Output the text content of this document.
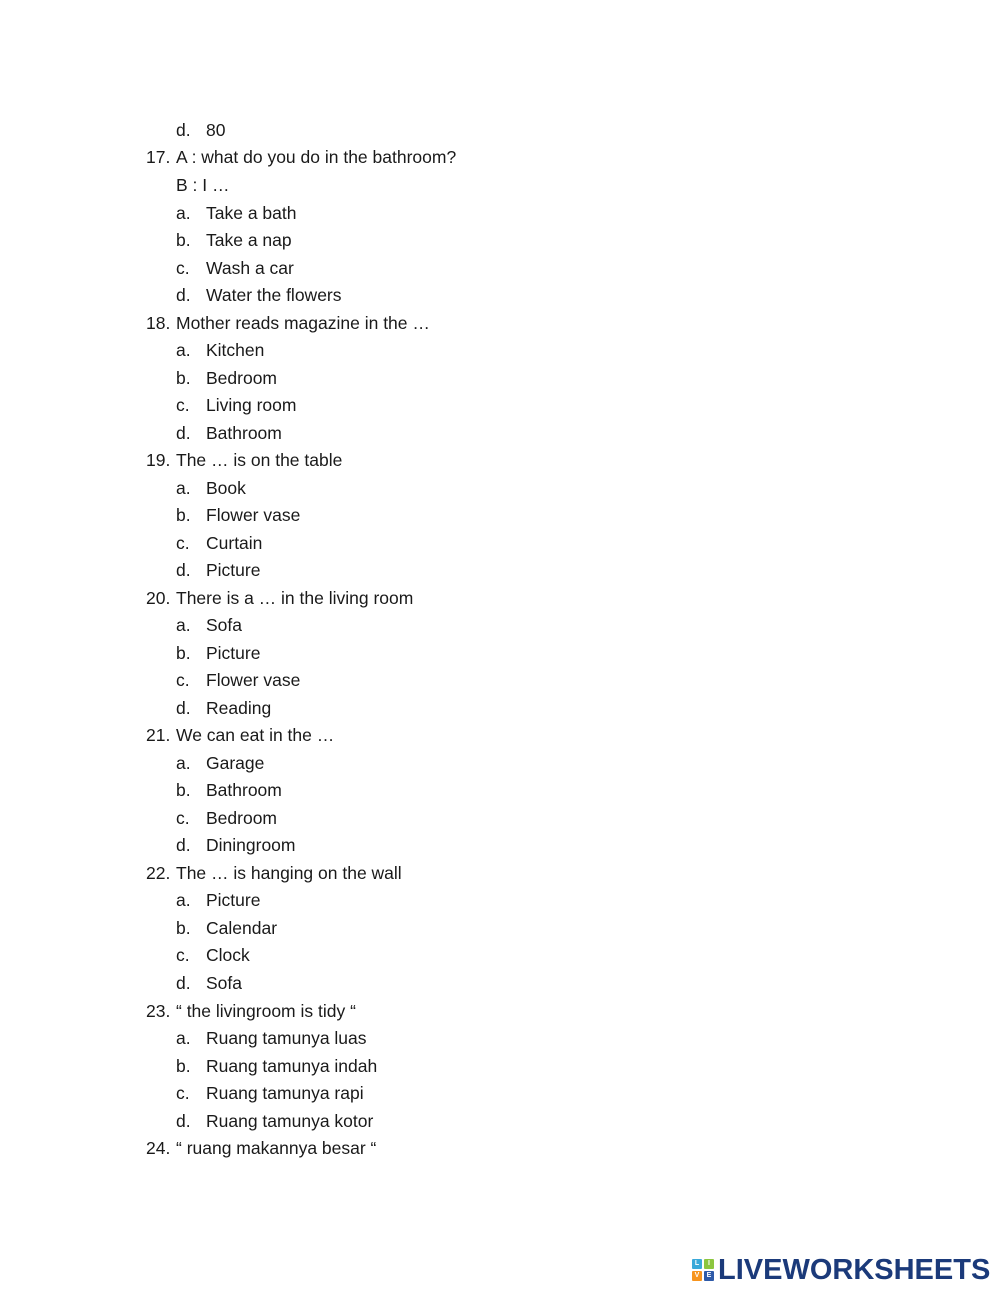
d. 80
17. A : what do you do in the bathroom?
B : I …
a. Take a bath
b. Take a nap
c. Wash a car
d. Water the flowers
18. Mother reads magazine in the …
a. Kitchen
b. Bedroom
c. Living room
d. Bathroom
19. The … is on the table
a. Book
b. Flower vase
c. Curtain
d. Picture
20. There is a … in the living room
a. Sofa
b. Picture
c. Flower vase
d. Reading
21. We can eat in the …
a. Garage
b. Bathroom
c. Bedroom
d. Diningroom
22. The … is hanging on the wall
a. Picture
b. Calendar
c. Clock
d. Sofa
23. “ the livingroom is tidy “
a. Ruang tamunya luas
b. Ruang tamunya indah
c. Ruang tamunya rapi
d. Ruang tamunya kotor
24. “ ruang makannya besar “
L	I
V	E LIVEWORKSHEETS
